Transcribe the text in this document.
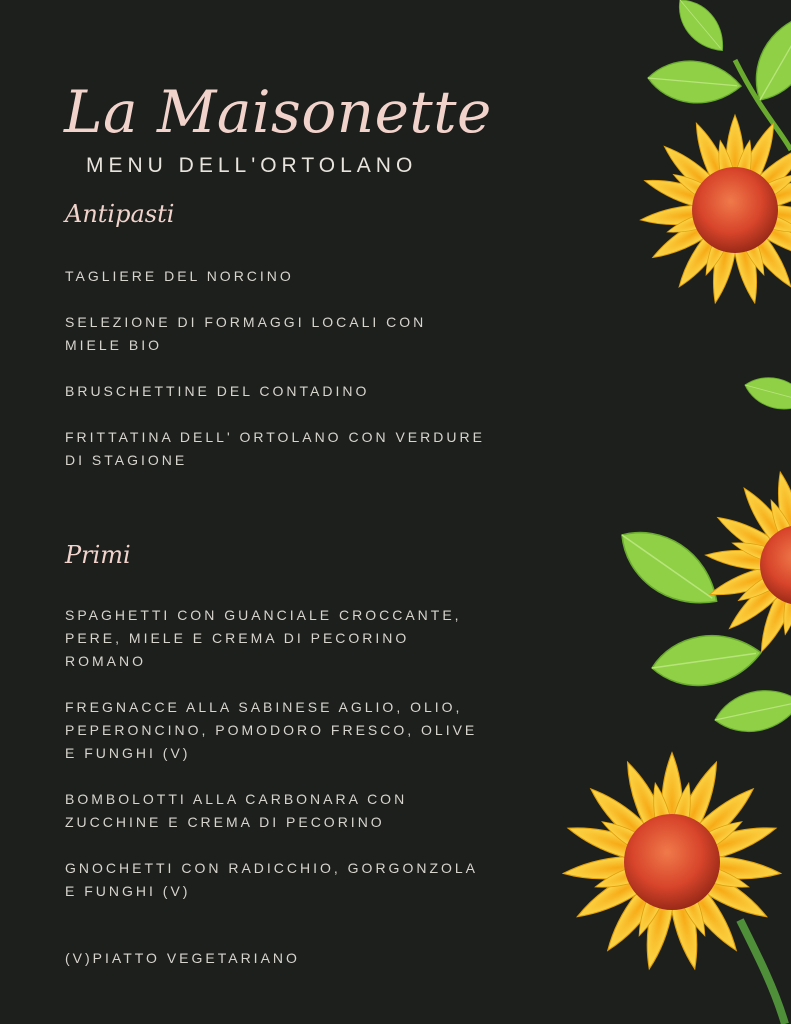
La Maisonette
MENU DELL'ORTOLANO
Antipasti
TAGLIERE DEL NORCINO
SELEZIONE DI FORMAGGI LOCALI CON MIELE BIO
BRUSCHETTINE DEL CONTADINO
FRITTATINA DELL' ORTOLANO CON VERDURE DI STAGIONE
Primi
SPAGHETTI CON GUANCIALE CROCCANTE, PERE, MIELE E CREMA DI PECORINO ROMANO
FREGNACCE ALLA SABINESE AGLIO, OLIO, PEPERONCINO, POMODORO FRESCO, OLIVE E FUNGHI (V)
BOMBOLOTTI ALLA CARBONARA CON ZUCCHINE E CREMA DI PECORINO
GNOCHETTI CON RADICCHIO, GORGONZOLA E FUNGHI (V)
(V)PIATTO VEGETARIANO
